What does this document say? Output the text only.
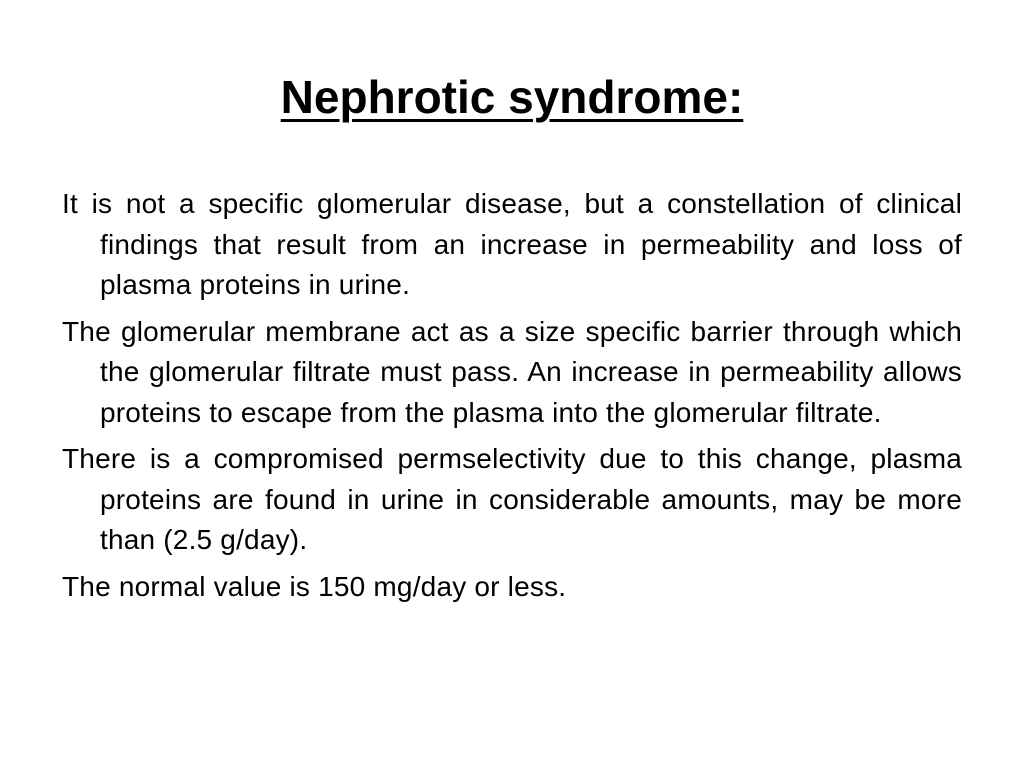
Nephrotic syndrome:
It is not a specific glomerular disease, but a constellation of clinical findings that result from an increase in permeability and loss of plasma proteins in urine.
The glomerular membrane act as a size specific barrier through which the glomerular filtrate must pass. An increase in permeability allows proteins to escape from the plasma into the glomerular filtrate.
There is a compromised permselectivity due to this change, plasma proteins are found in urine in considerable amounts, may be more than (2.5 g/day).
The normal value is 150 mg/day or less.
